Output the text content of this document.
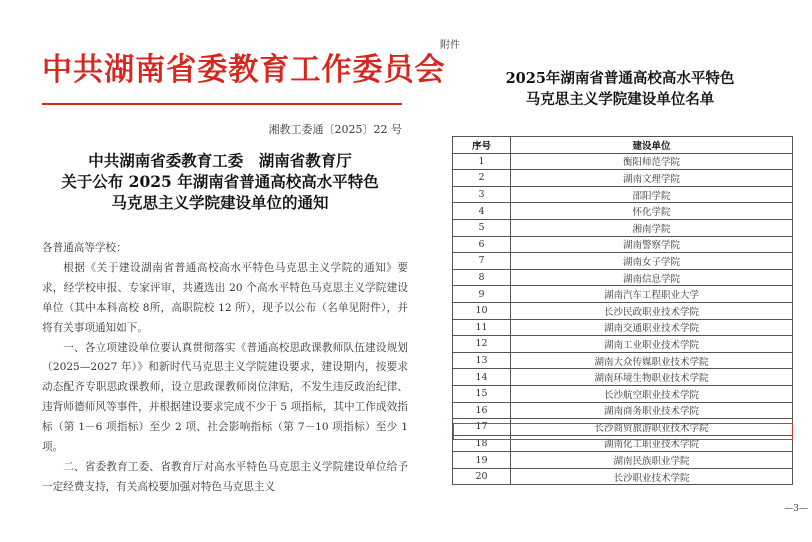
中共湖南省委教育工作委员会
湘教工委通〔2025〕22 号
中共湖南省委教育工委　湖南省教育厅
关于公布 2025 年湖南省普通高校高水平特色
马克思主义学院建设单位的通知

各普通高等学校：

根据《关于建设湖南省普通高校高水平特色马克思主义学院的通知》要求，经学校申报、专家评审，共遴选出 20 个高水平特色马克思主义学院建设单位（其中本科高校 8所，高职院校 12 所），现予以公布（名单见附件），并将有关事项通知如下。

一、各立项建设单位要认真贯彻落实《普通高校思政课教师队伍建设规划（2025—2027 年）》和新时代马克思主义学院建设要求，建设期内，按要求动态配齐专职思政课教师，设立思政课教师岗位津贴，不发生违反政治纪律、违背师德师风等事件，并根据建设要求完成不少于 5 项指标，其中工作成效指标（第 1－6 项指标）至少 2 项、社会影响指标（第 7－10 项指标）至少 1 项。

二、省委教育工委、省教育厅对高水平特色马克思主义学院建设单位给予一定经费支持，有关高校要加强对特色马克思主义

附件
2025年湖南省普通高校高水平特色
马克思主义学院建设单位名单
序号	建设单位
1	衡阳师范学院
2	湖南文理学院
3	邵阳学院
4	怀化学院
5	湘南学院
6	湖南警察学院
7	湖南女子学院
8	湖南信息学院
9	湖南汽车工程职业大学
10	长沙民政职业技术学院
11	湖南交通职业技术学院
12	湖南工业职业技术学院
13	湖南大众传媒职业技术学院
14	湖南环境生物职业技术学院
15	长沙航空职业技术学院
16	湖南商务职业技术学院
17	长沙商贸旅游职业技术学院
18	湖南化工职业技术学院
19	湖南民族职业学院
20	长沙职业技术学院
—3—
